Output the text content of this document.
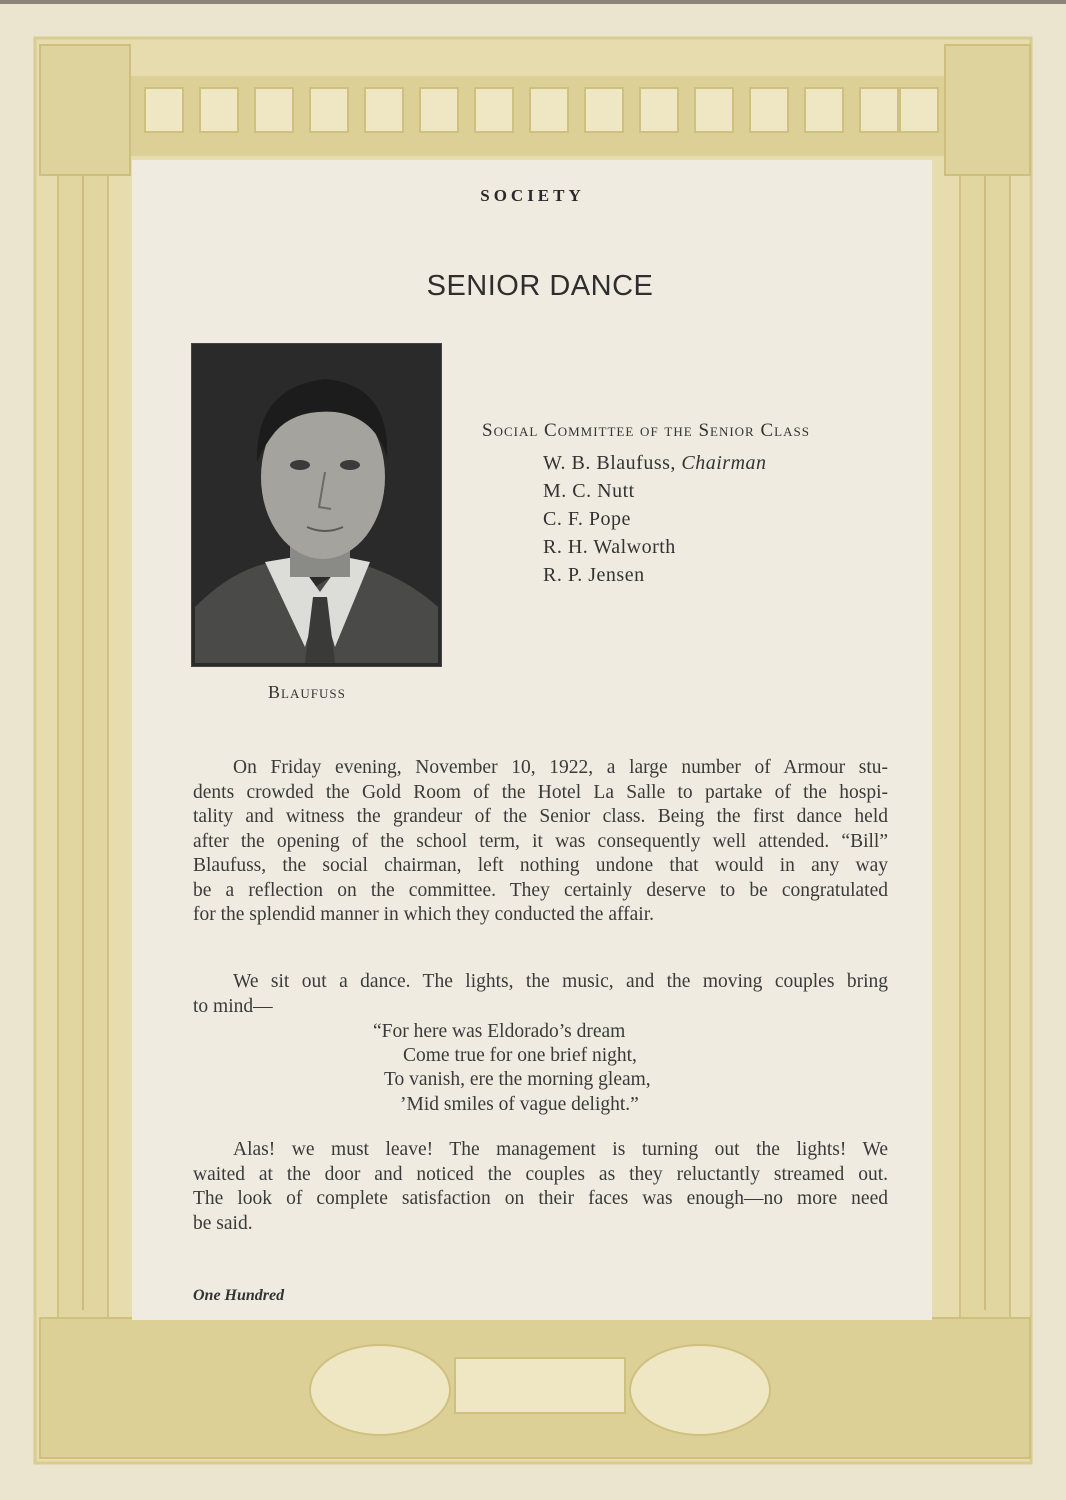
SOCIETY
SENIOR DANCE
Blaufuss
Social Committee of the Senior Class
W. B. Blaufuss, Chairman
M. C. Nutt
C. F. Pope
R. H. Walworth
R. P. Jensen
On Friday evening, November 10, 1922, a large number of Armour stu-
dents crowded the Gold Room of the Hotel La Salle to partake of the hospi-
tality and witness the grandeur of the Senior class. Being the first dance held
after the opening of the school term, it was consequently well attended. “Bill”
Blaufuss, the social chairman, left nothing undone that would in any way
be a reflection on the committee. They certainly deserve to be congratulated
for the splendid manner in which they conducted the affair.
We sit out a dance. The lights, the music, and the moving couples bring
to mind—
“For here was Eldorado’s dream
Come true for one brief night,
To vanish, ere the morning gleam,
’Mid smiles of vague delight.”
Alas! we must leave! The management is turning out the lights! We
waited at the door and noticed the couples as they reluctantly streamed out.
The look of complete satisfaction on their faces was enough—no more need
be said.
One Hundred
